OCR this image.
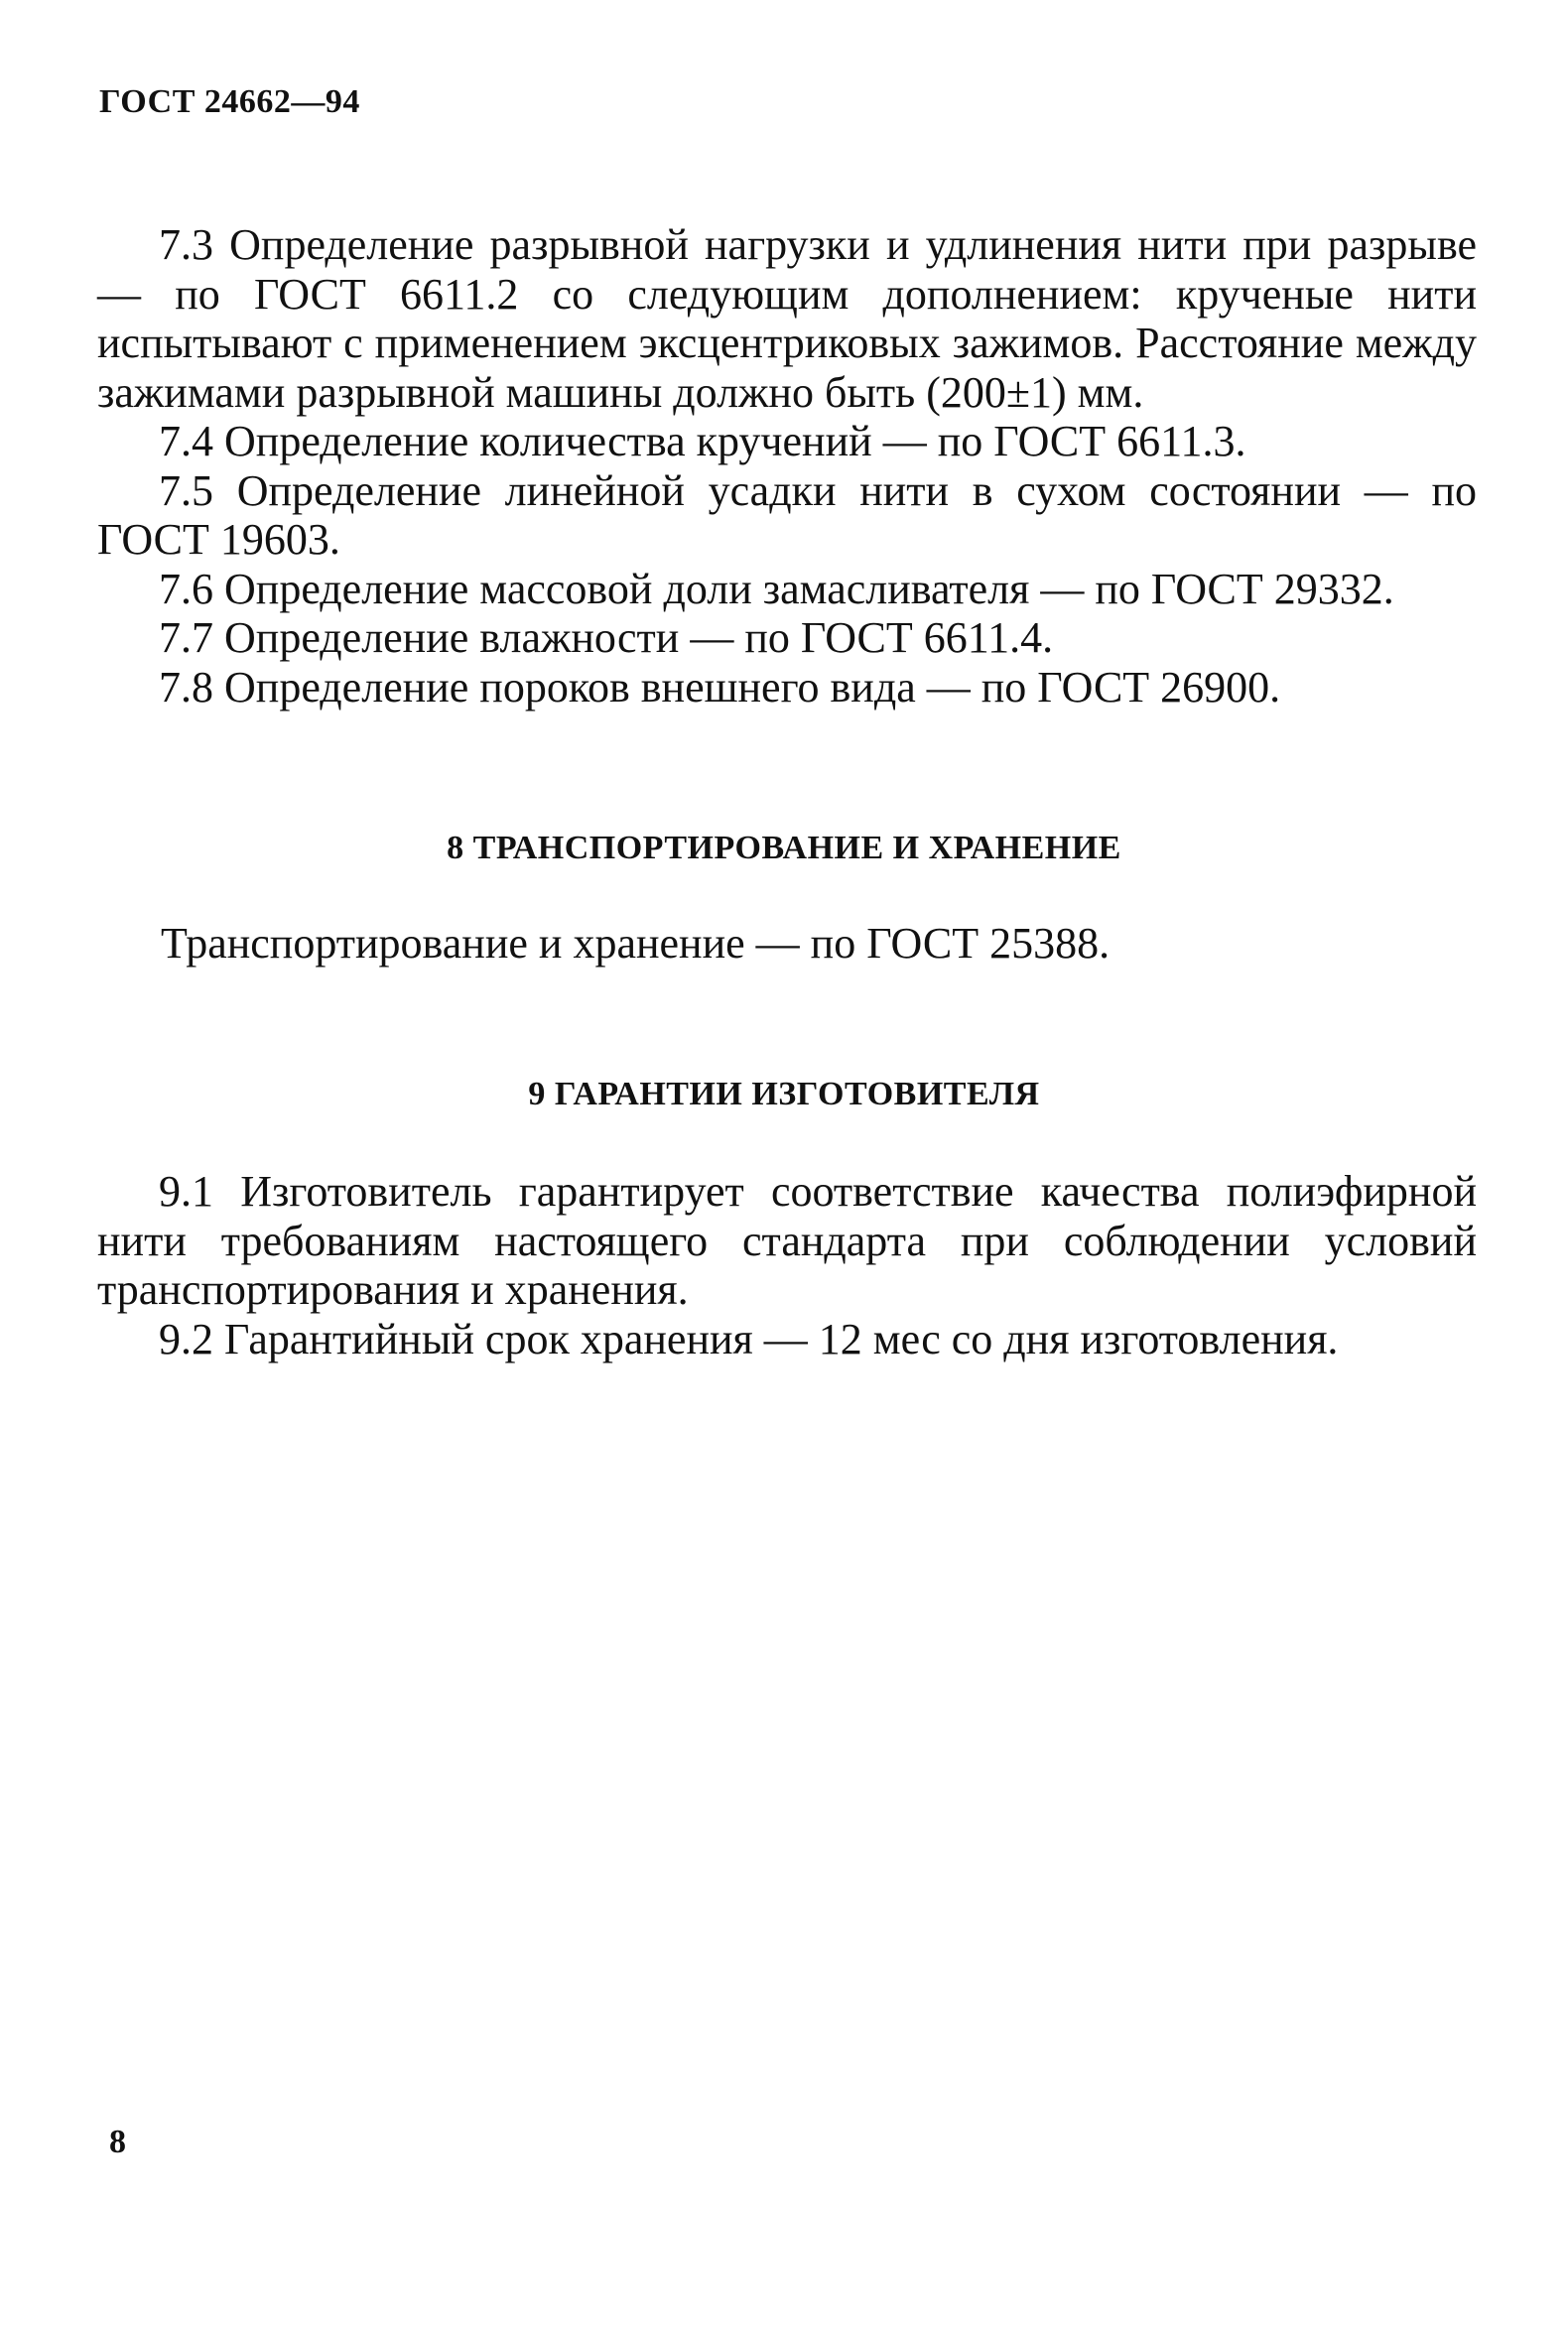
ГОСТ 24662—94

7.3 Определение разрывной нагрузки и удлинения нити при разрыве — по ГОСТ 6611.2 со следующим дополнением: крученые нити испытывают с применением эксцентриковых зажимов. Расстояние между зажимами разрывной машины должно быть (200±1) мм.

7.4 Определение количества кручений — по ГОСТ 6611.3.

7.5 Определение линейной усадки нити в сухом состоянии — по ГОСТ 19603.

7.6 Определение массовой доли замасливателя — по ГОСТ 29332.

7.7 Определение влажности — по ГОСТ 6611.4.

7.8 Определение пороков внешнего вида — по ГОСТ 26900.

8 ТРАНСПОРТИРОВАНИЕ И ХРАНЕНИЕ
Транспортирование и хранение — по ГОСТ 25388.
9 ГАРАНТИИ ИЗГОТОВИТЕЛЯ

9.1 Изготовитель гарантирует соответствие качества полиэфирной нити требованиям настоящего стандарта при соблюдении условий транспортирования и хранения.

9.2 Гарантийный срок хранения — 12 мес со дня изготовления.

8
